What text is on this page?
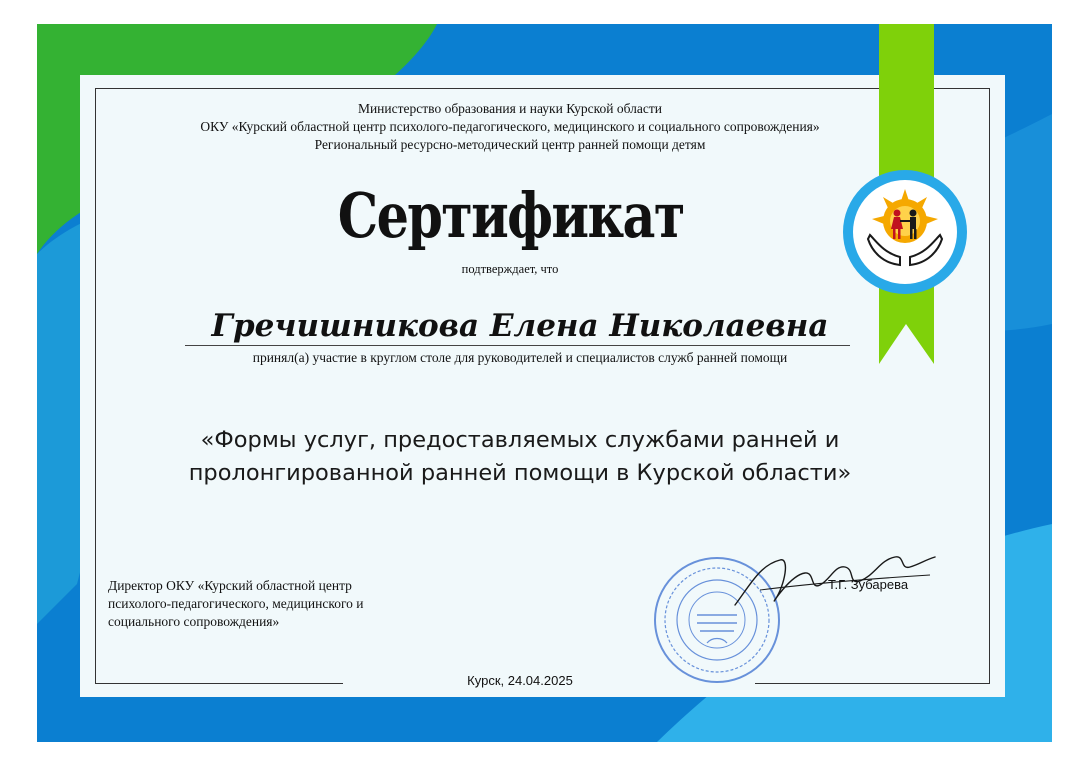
Министерство образования и науки Курской области
ОКУ «Курский областной центр психолого-педагогического, медицинского и социального сопровождения»
Региональный ресурсно-методический центр ранней помощи детям
Сертификат
подтверждает, что
Гречишникова Елена Николаевна
принял(а) участие в круглом столе для руководителей и специалистов служб ранней помощи
«Формы услуг, предоставляемых службами ранней и
пролонгированной ранней помощи в Курской области»
Директор ОКУ «Курский областной центр
психолого-педагогического, медицинского и
социального сопровождения»
Т.Г. Зубарева
Курск, 24.04.2025
